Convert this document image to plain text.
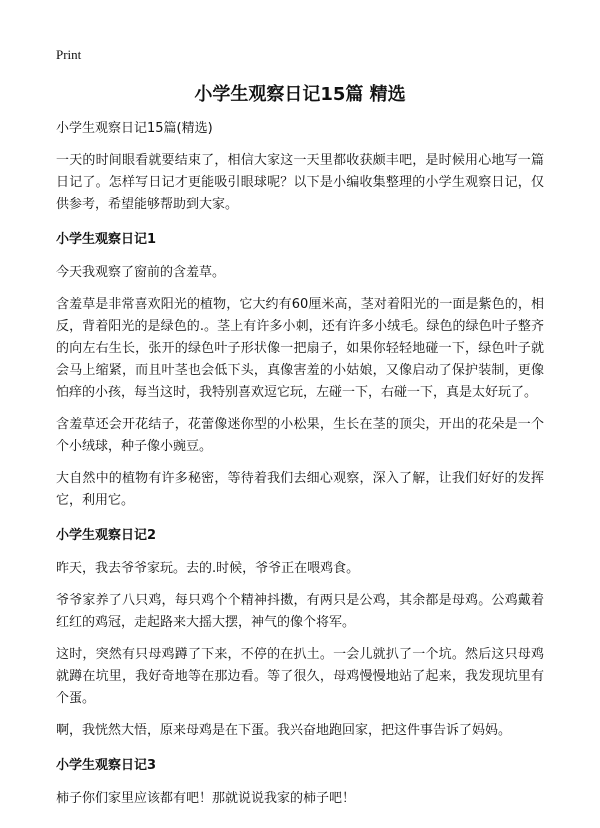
Print
小学生观察日记15篇 精选
小学生观察日记15篇(精选)

一天的时间眼看就要结束了，相信大家这一天里都收获颇丰吧，是时候用心地写一篇日记了。怎样写日记才更能吸引眼球呢？以下是小编收集整理的小学生观察日记，仅供参考，希望能够帮助到大家。

小学生观察日记1

今天我观察了窗前的含羞草。

含羞草是非常喜欢阳光的植物，它大约有60厘米高，茎对着阳光的一面是紫色的，相反，背着阳光的是绿色的.。茎上有许多小刺，还有许多小绒毛。绿色的绿色叶子整齐的向左右生长，张开的绿色叶子形状像一把扇子，如果你轻轻地碰一下，绿色叶子就会马上缩紧，而且叶茎也会低下头，真像害羞的小姑娘，又像启动了保护装制，更像怕痒的小孩，每当这时，我特别喜欢逗它玩，左碰一下，右碰一下，真是太好玩了。

含羞草还会开花结子，花蕾像迷你型的小松果，生长在茎的顶尖，开出的花朵是一个个小绒球，种子像小豌豆。

大自然中的植物有许多秘密，等待着我们去细心观察，深入了解，让我们好好的发挥它，利用它。

小学生观察日记2

昨天，我去爷爷家玩。去的.时候，爷爷正在喂鸡食。

爷爷家养了八只鸡，每只鸡个个精神抖擞，有两只是公鸡，其余都是母鸡。公鸡戴着红红的鸡冠，走起路来大摇大摆，神气的像个将军。

这时，突然有只母鸡蹲了下来，不停的在扒土。一会儿就扒了一个坑。然后这只母鸡就蹲在坑里，我好奇地等在那边看。等了很久，母鸡慢慢地站了起来，我发现坑里有个蛋。

啊，我恍然大悟，原来母鸡是在下蛋。我兴奋地跑回家，把这件事告诉了妈妈。

小学生观察日记3

柿子你们家里应该都有吧！那就说说我家的柿子吧！
